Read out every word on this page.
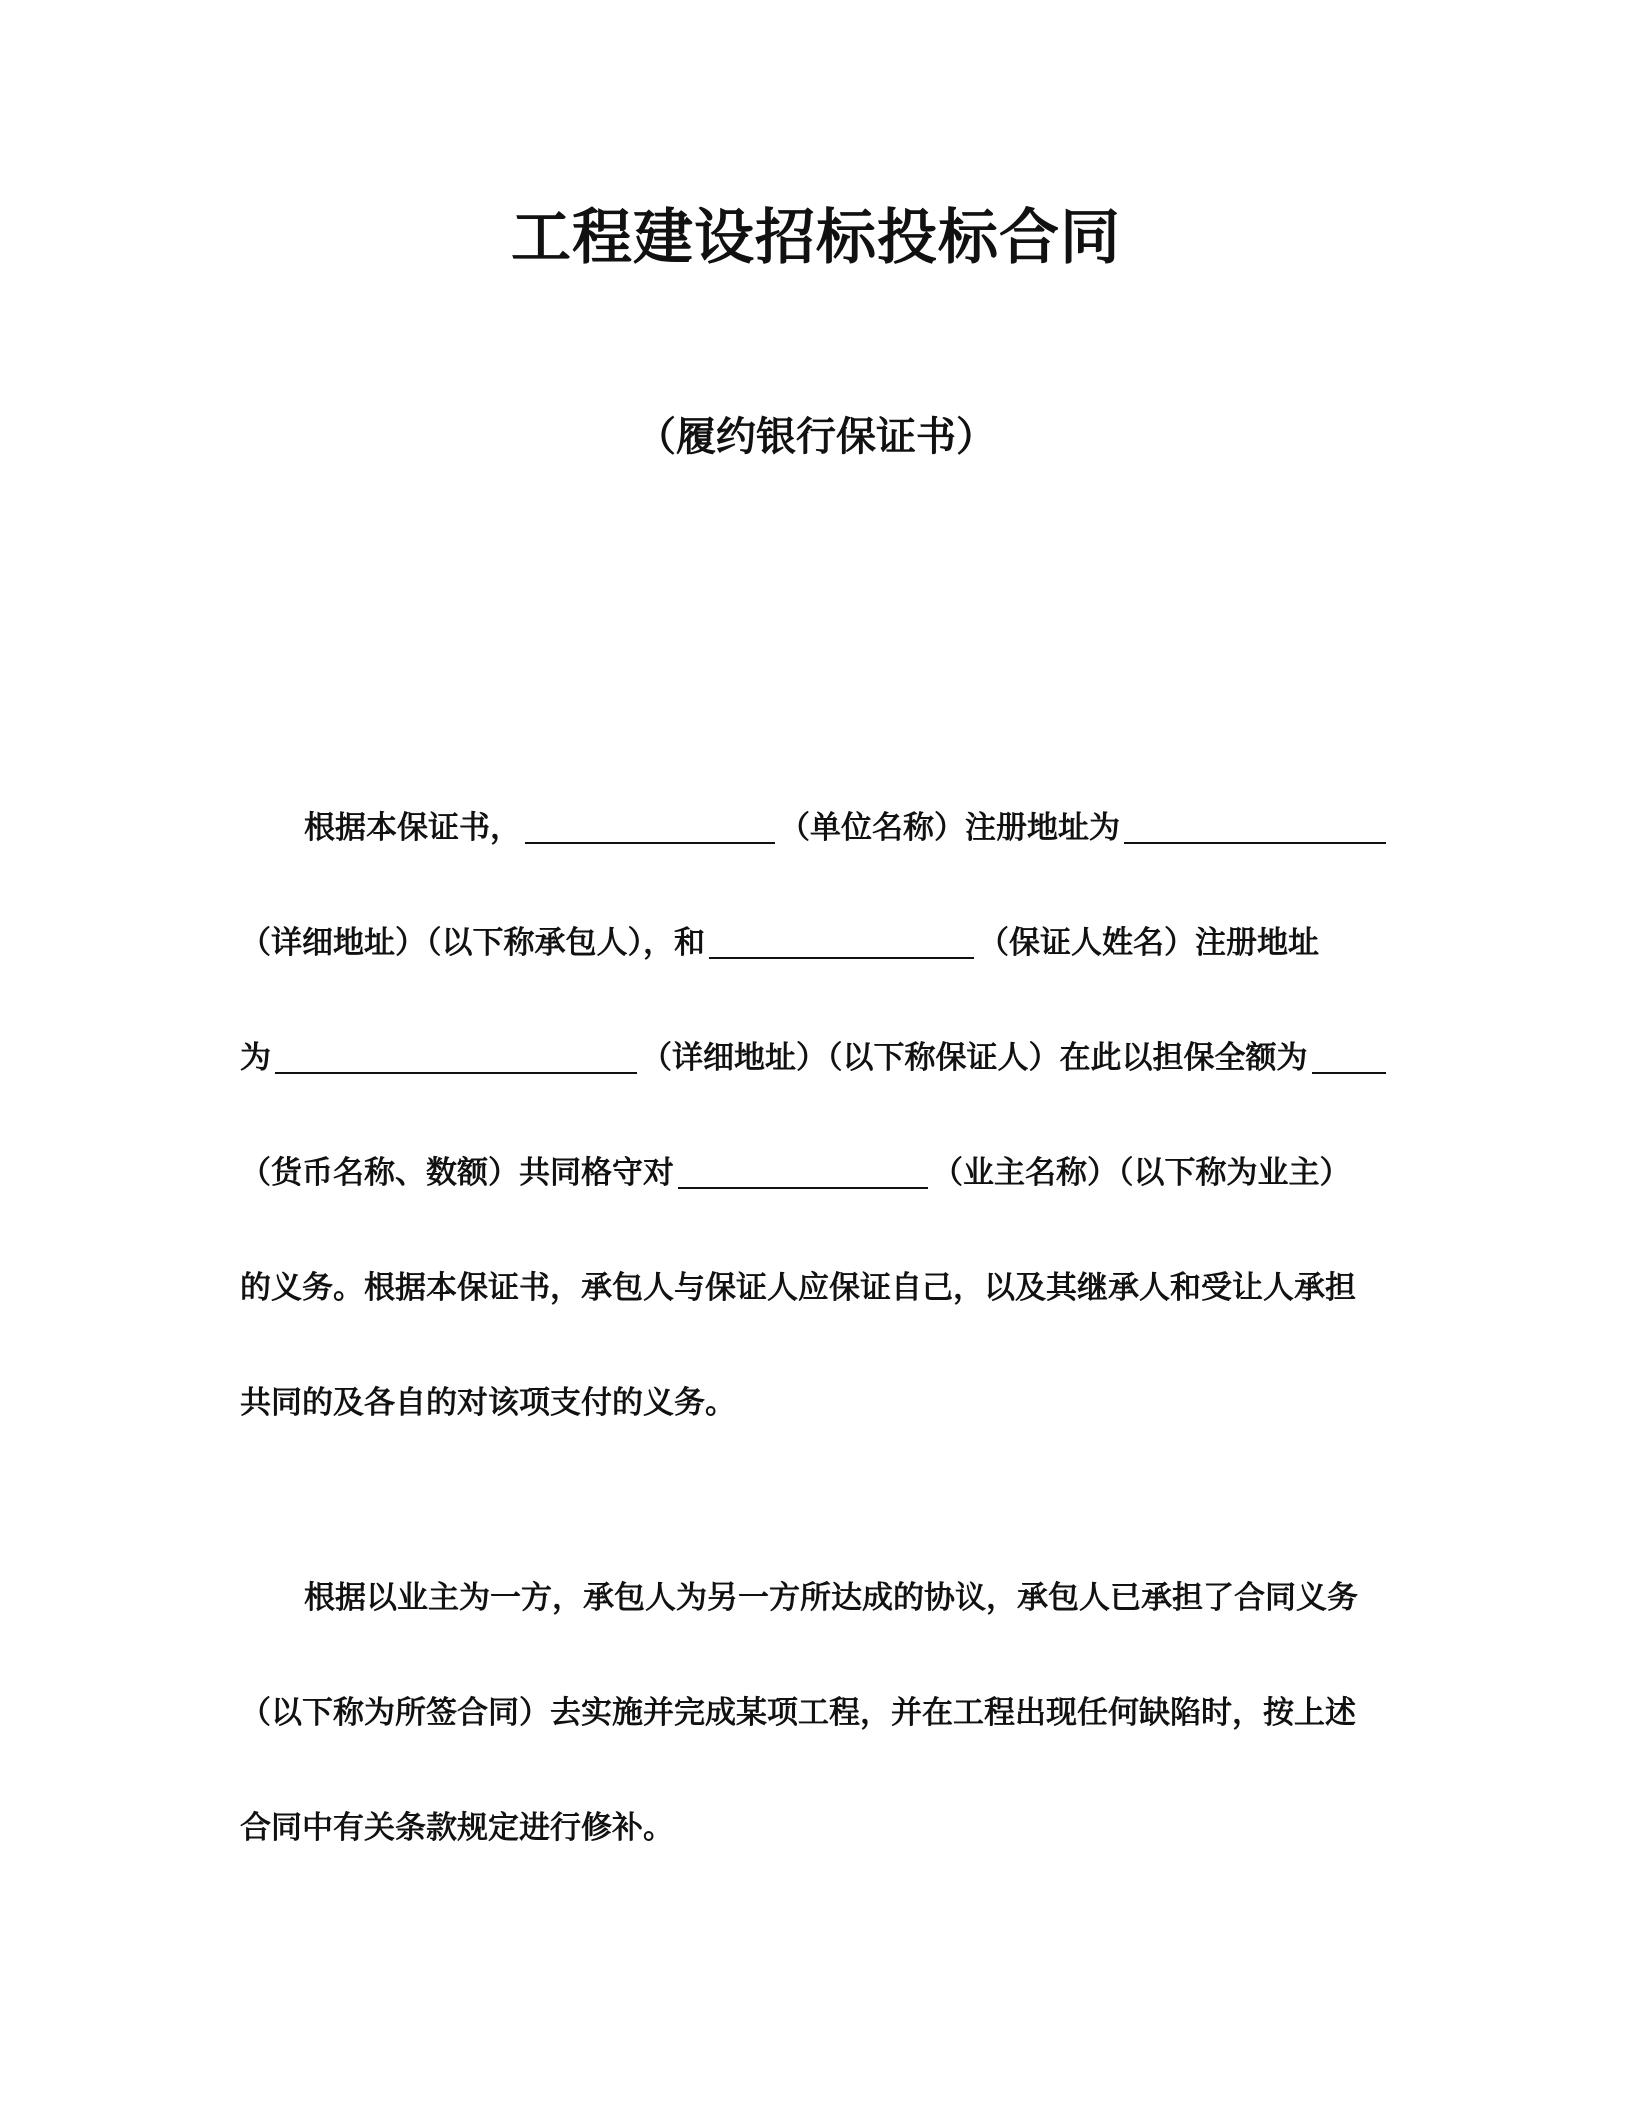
工程建设招标投标合同
（履约银行保证书）
根据本保证书，	（单位名称）注册地址为
（详细地址）（以下称承包人），和	（保证人姓名）注册地址
为	（详细地址）（以下称保证人）在此以担保全额为
（货币名称、数额）共同格守对	（业主名称）（以下称为业主）
的义务。根据本保证书，承包人与保证人应保证自己，以及其继承人和受让人承担
共同的及各自的对该项支付的义务。
根据以业主为一方，承包人为另一方所达成的协议，承包人已承担了合同义务
（以下称为所签合同）去实施并完成某项工程，并在工程出现任何缺陷时，按上述
合同中有关条款规定进行修补。
